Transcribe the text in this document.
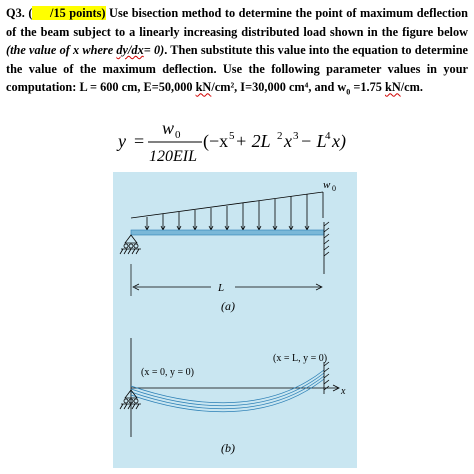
Q3. (     /15 points) Use bisection method to determine the point of maximum deflection of the beam subject to a linearly increasing distributed load shown in the figure below (the value of x where dy/dx= 0). Then substitute this value into the equation to determine the value of the maximum deflection. Use the following parameter values in your computation: L = 600 cm, E=50,000 kN/cm², I=30,000 cm⁴, and $w_0 =1.75$ kN/cm.
y =
w 0
120EIL
(−x 5 + 2L 2 x 3 − L
4 x)
w 0
L
(a)
x
(x = 0, y = 0)
(x = L, y = 0)
(b)
